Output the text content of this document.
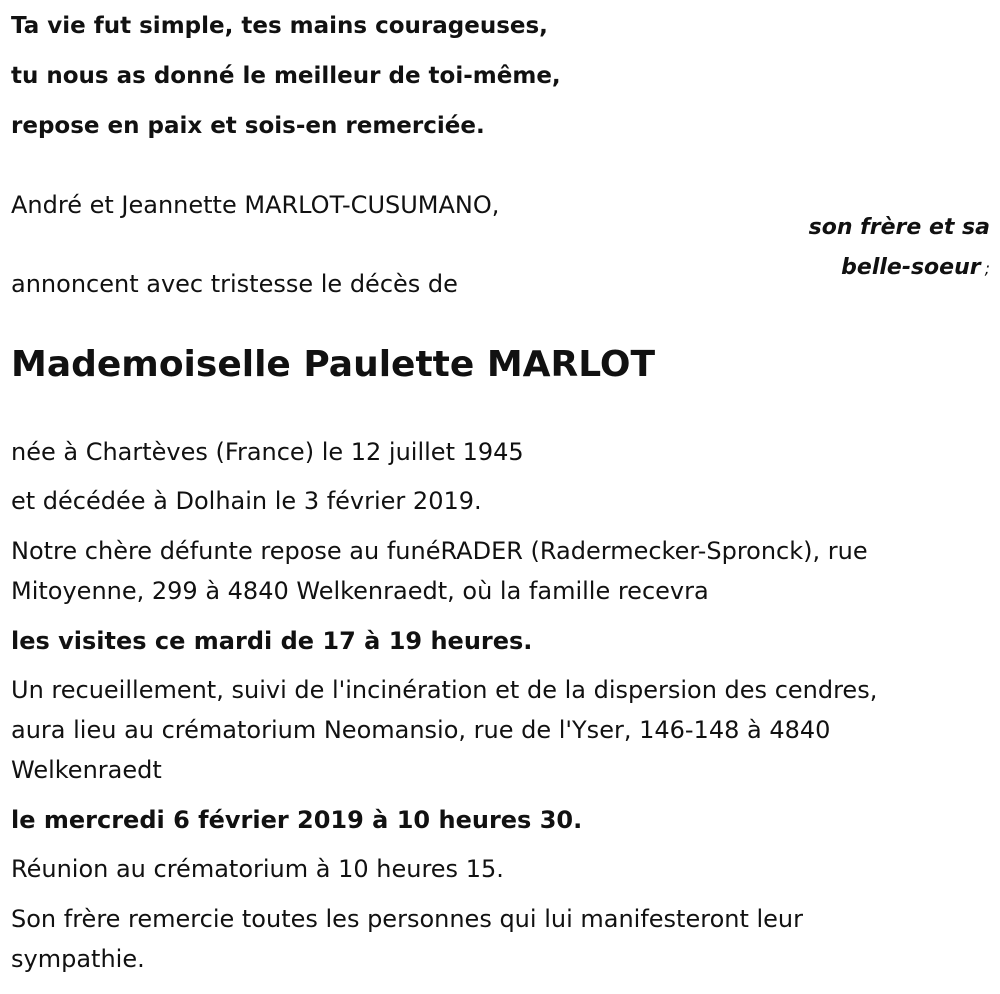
Ta vie fut simple, tes mains courageuses,
tu nous as donné le meilleur de toi-même,
repose en paix et sois-en remerciée.
André et Jeannette MARLOT-CUSUMANO,
son frère et sa
belle-soeur ;
annoncent avec tristesse le décès de
Mademoiselle Paulette MARLOT
née à Chartèves (France) le 12 juillet 1945
et décédée à Dolhain le 3 février 2019.
Notre chère défunte repose au funéRADER (Radermecker-Spronck), rue
Mitoyenne, 299 à 4840 Welkenraedt, où la famille recevra
les visites ce mardi de 17 à 19 heures.
Un recueillement, suivi de l'incinération et de la dispersion des cendres,
aura lieu au crématorium Neomansio, rue de l'Yser, 146-148 à 4840
Welkenraedt
le mercredi 6 février 2019 à 10 heures 30.
Réunion au crématorium à 10 heures 15.
Son frère remercie toutes les personnes qui lui manifesteront leur
sympathie.
